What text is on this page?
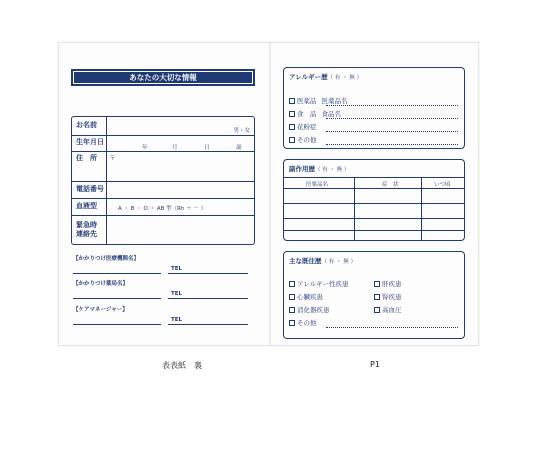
あなたの大切な情報
お名前
男・女
生年月日
年	月	日	歳
住　所 〒
電話番号
血液型	A ・ B ・ O ・ AB 型（Rh ＋ － ）
緊急時
連絡先
【かかりつけ医療機関名】
TEL
【かかりつけ薬局名】
TEL
【ケアマネージャー】
TEL
アレルギー歴（ 有 ・ 無 ）
医薬品 医薬品名
食　品 食品名
花粉症
その他
副作用歴（ 有 ・ 無 ）
医薬品名	症　状	いつ頃
主な既往歴（ 有 ・ 無 ）
アレルギー性疾患
心臓疾患
消化器疾患
その他
肝疾患
腎疾患
高血圧
表表紙　裏	P1
